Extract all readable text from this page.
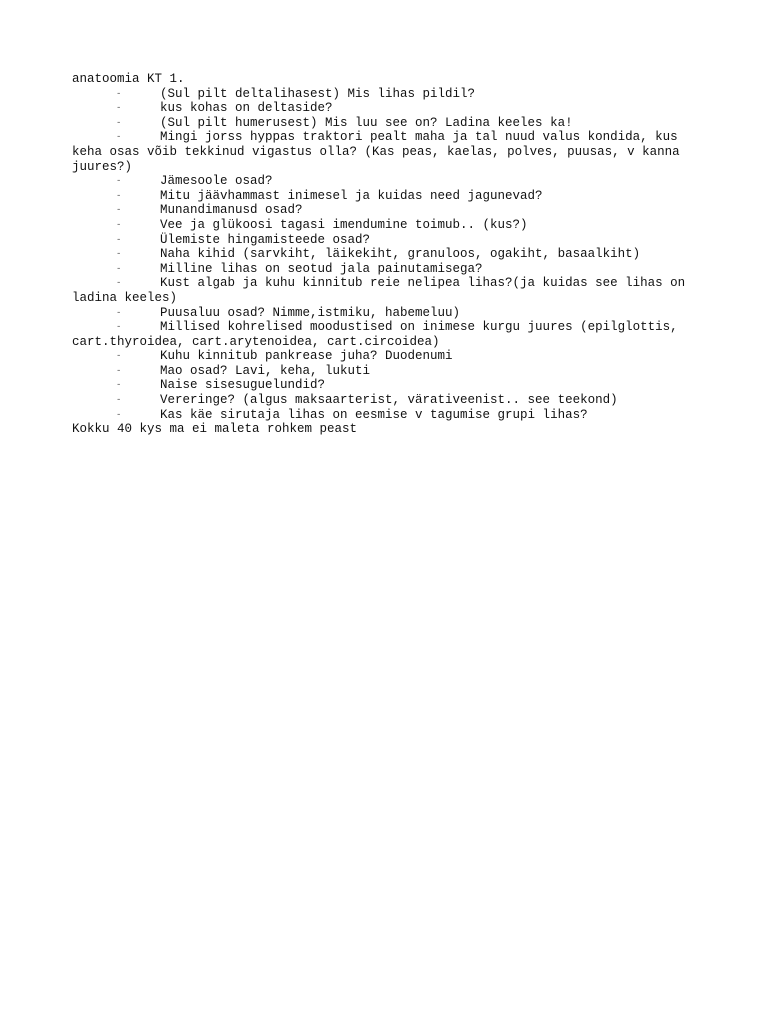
anatoomia KT 1.

-	(Sul pilt deltalihasest) Mis lihas pildil?

-	kus kohas on deltaside?

-	(Sul pilt humerusest) Mis luu see on? Ladina keeles ka!

-	Mingi jorss hyppas traktori pealt maha ja tal nuud valus kondida, kus keha osas võib tekkinud vigastus olla? (Kas peas, kaelas, polves, puusas, v kanna juures?)

-	Jämesoole osad?

-	Mitu jäävhammast inimesel ja kuidas need jagunevad?

-	Munandimanusd osad?

-	Vee ja glükoosi tagasi imendumine toimub.. (kus?)

-	Ülemiste hingamisteede osad?

-	Naha kihid (sarvkiht, läikekiht, granuloos, ogakiht, basaalkiht)

-	Milline lihas on seotud jala painutamisega?

-	Kust algab ja kuhu kinnitub reie nelipea lihas?(ja kuidas see lihas on ladina keeles)

-	Puusaluu osad? Nimme,istmiku, habemeluu)

-	Millised kohrelised moodustised on inimese kurgu juures (epilglottis, cart.thyroidea, cart.arytenoidea, cart.circoidea)

-	Kuhu kinnitub pankrease juha? Duodenumi

-	Mao osad? Lavi, keha, lukuti

-	Naise sisesuguelundid?

-	Vereringe? (algus maksaarterist, värativeenist.. see teekond)

-	Kas käe sirutaja lihas on eesmise v tagumise grupi lihas?

Kokku 40 kys ma ei maleta rohkem peast
